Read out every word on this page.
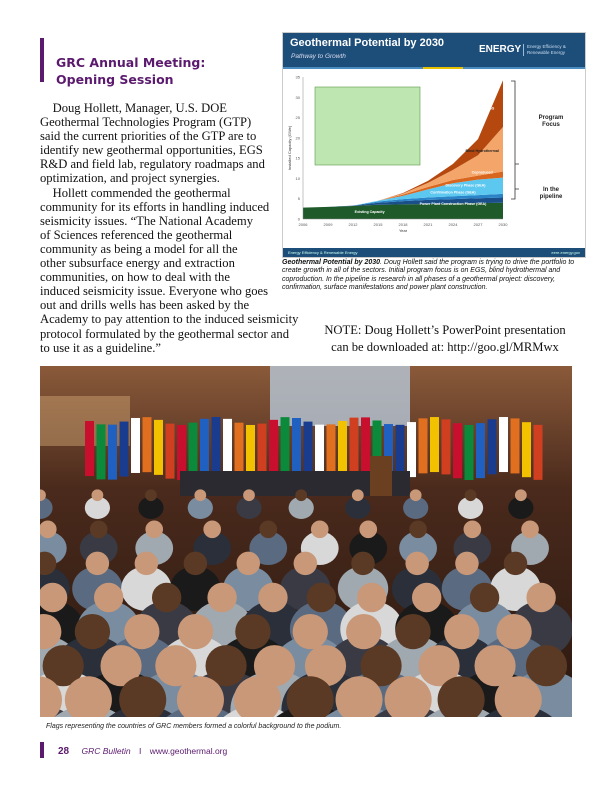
GRC Annual Meeting:
Opening Session
Doug Hollett, Manager, U.S. DOE
Geothermal Technologies Program (GTP)
said the current priorities of the GTP are to
identify new geothermal opportunities, EGS
R&D and field lab, regulatory roadmaps and
optimization, and project synergies.
Hollett commended the geothermal
community for its efforts in handling induced
seismicity issues. “The National Academy
of Sciences referenced the geothermal
community as being a model for all the
other subsurface energy and extraction
communities, on how to deal with the
induced seismicity issue. Everyone who goes
out and drills wells has been asked by the
Academy to pay attention to the induced seismicity
protocol formulated by the geothermal sector and
to use it as a guideline.”
Geothermal Potential by 2030
Pathway to Growth
ENERGY	Energy Efficiency & Renewable Energy
0
5
10
15
20
25
30
35
2006	2009	2012	2015	2018	2021	2024	2027	2030
Year
Installed Capacity (GWe)
Existing Capacity
Power Plant Construction Phase (GEA)
Confirmation Phase (GEA)
Discovery Phase (GEA)
Coproduced
Blind Hydrothermal
EGS
Program
Focus
In the
pipeline
Energy Efficiency & Renewable Energy	eere.energy.gov
Geothermal Potential by 2030. Doug Hollett said the program is trying to drive the portfolio to create growth in all of the sectors. Initial program focus is on EGS, blind hydrothermal and coproduction. In the pipeline is research in all phases of a geothermal project: discovery, confirmation, surface manifestations and power plant construction.
NOTE: Doug Hollett’s PowerPoint presentation
can be downloaded at: http://goo.gl/MRMwx
Flags representing the countries of GRC members formed a colorful background to the podium.
28 GRC Bulletin I www.geothermal.org
